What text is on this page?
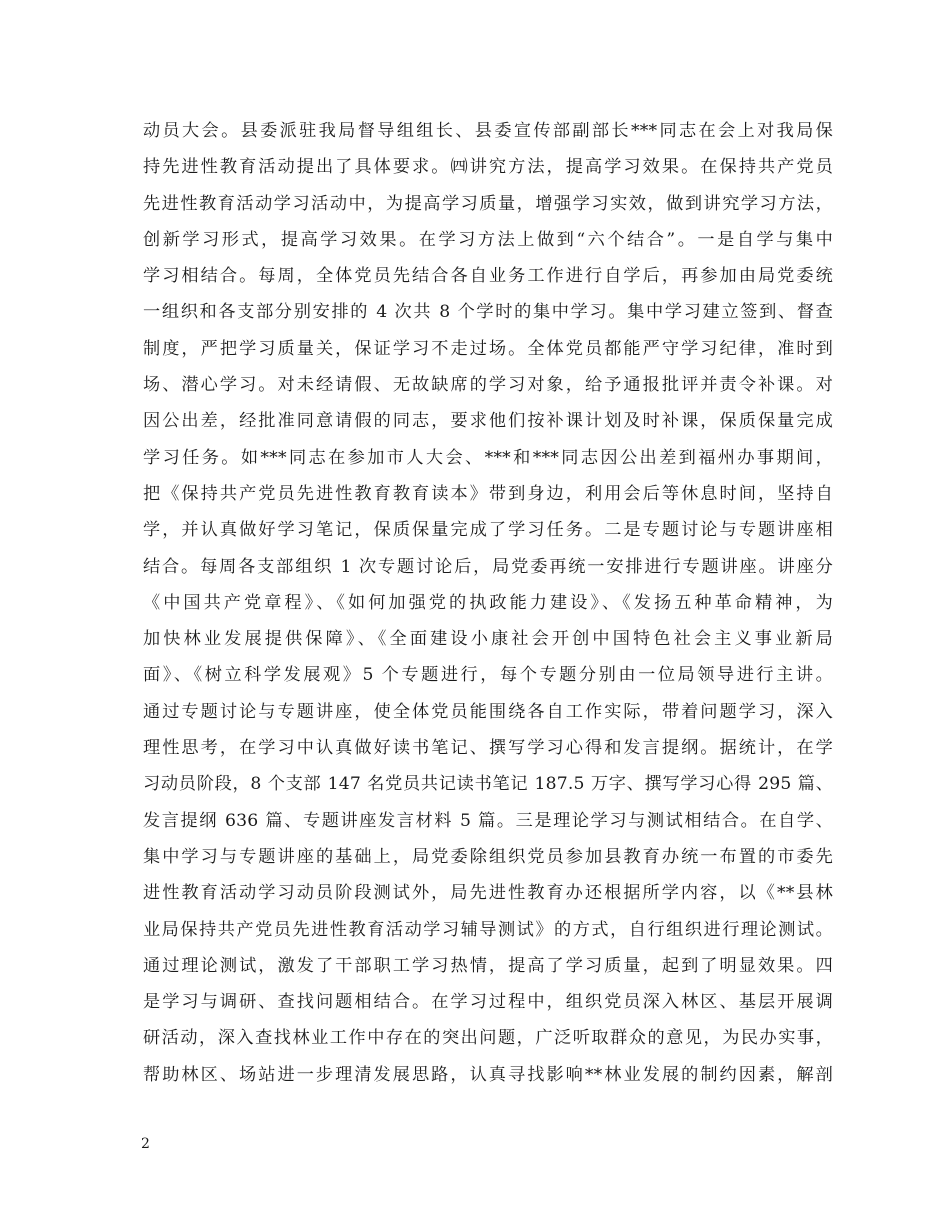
动员大会。县委派驻我局督导组组长、县委宣传部副部长***同志在会上对我局保
持先进性教育活动提出了具体要求。㈣讲究方法，提高学习效果。在保持共产党员
先进性教育活动学习活动中，为提高学习质量，增强学习实效，做到讲究学习方法，
创新学习形式，提高学习效果。在学习方法上做到“六个结合”。一是自学与集中
学习相结合。每周，全体党员先结合各自业务工作进行自学后，再参加由局党委统
一组织和各支部分别安排的 4 次共 8 个学时的集中学习。集中学习建立签到、督查
制度，严把学习质量关，保证学习不走过场。全体党员都能严守学习纪律，准时到
场、潜心学习。对未经请假、无故缺席的学习对象，给予通报批评并责令补课。对
因公出差，经批准同意请假的同志，要求他们按补课计划及时补课，保质保量完成
学习任务。如***同志在参加市人大会、***和***同志因公出差到福州办事期间，
把《保持共产党员先进性教育教育读本》带到身边，利用会后等休息时间，坚持自
学，并认真做好学习笔记，保质保量完成了学习任务。二是专题讨论与专题讲座相
结合。每周各支部组织 1 次专题讨论后，局党委再统一安排进行专题讲座。讲座分
《中国共产党章程》、《如何加强党的执政能力建设》、《发扬五种革命精神，为
加快林业发展提供保障》、《全面建设小康社会开创中国特色社会主义事业新局
面》、《树立科学发展观》5 个专题进行，每个专题分别由一位局领导进行主讲。
通过专题讨论与专题讲座，使全体党员能围绕各自工作实际，带着问题学习，深入
理性思考，在学习中认真做好读书笔记、撰写学习心得和发言提纲。据统计，在学
习动员阶段，8 个支部 147 名党员共记读书笔记 187.5 万字、撰写学习心得 295 篇、
发言提纲 636 篇、专题讲座发言材料 5 篇。三是理论学习与测试相结合。在自学、
集中学习与专题讲座的基础上，局党委除组织党员参加县教育办统一布置的市委先
进性教育活动学习动员阶段测试外，局先进性教育办还根据所学内容，以《**县林
业局保持共产党员先进性教育活动学习辅导测试》的方式，自行组织进行理论测试。
通过理论测试，激发了干部职工学习热情，提高了学习质量，起到了明显效果。四
是学习与调研、查找问题相结合。在学习过程中，组织党员深入林区、基层开展调
研活动，深入查找林业工作中存在的突出问题，广泛听取群众的意见，为民办实事，
帮助林区、场站进一步理清发展思路，认真寻找影响**林业发展的制约因素，解剖
2
